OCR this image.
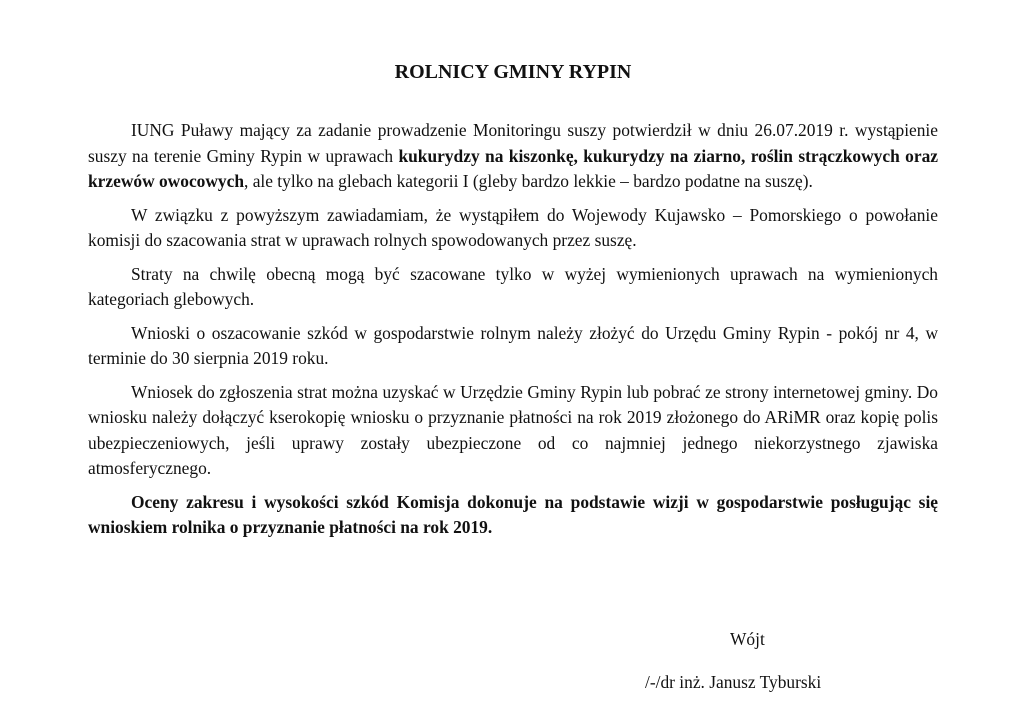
ROLNICY GMINY RYPIN

IUNG Puławy mający za zadanie prowadzenie Monitoringu suszy potwierdził w dniu 26.07.2019 r. wystąpienie suszy na terenie Gminy Rypin w uprawach kukurydzy na kiszonkę, kukurydzy na ziarno, roślin strączkowych oraz krzewów owocowych, ale tylko na glebach kategorii I (gleby bardzo lekkie – bardzo podatne na suszę).

W związku z powyższym zawiadamiam, że wystąpiłem do Wojewody Kujawsko – Pomorskiego o powołanie komisji do szacowania strat w uprawach rolnych spowodowanych przez suszę.

Straty na chwilę obecną mogą być szacowane tylko w wyżej wymienionych uprawach na wymienionych kategoriach glebowych.

Wnioski o oszacowanie szkód w gospodarstwie rolnym należy złożyć do Urzędu Gminy Rypin - pokój nr 4, w terminie do 30 sierpnia 2019 roku.

Wniosek do zgłoszenia strat można uzyskać w Urzędzie Gminy Rypin lub pobrać ze strony internetowej gminy. Do wniosku należy dołączyć kserokopię wniosku o przyznanie płatności na rok 2019 złożonego do ARiMR oraz kopię polis ubezpieczeniowych, jeśli uprawy zostały ubezpieczone od co najmniej jednego niekorzystnego zjawiska atmosferycznego.

Oceny zakresu i wysokości szkód Komisja dokonuje na podstawie wizji w gospodarstwie posługując się wnioskiem rolnika o przyznanie płatności na rok 2019.

Wójt
/-/dr inż. Janusz Tyburski
